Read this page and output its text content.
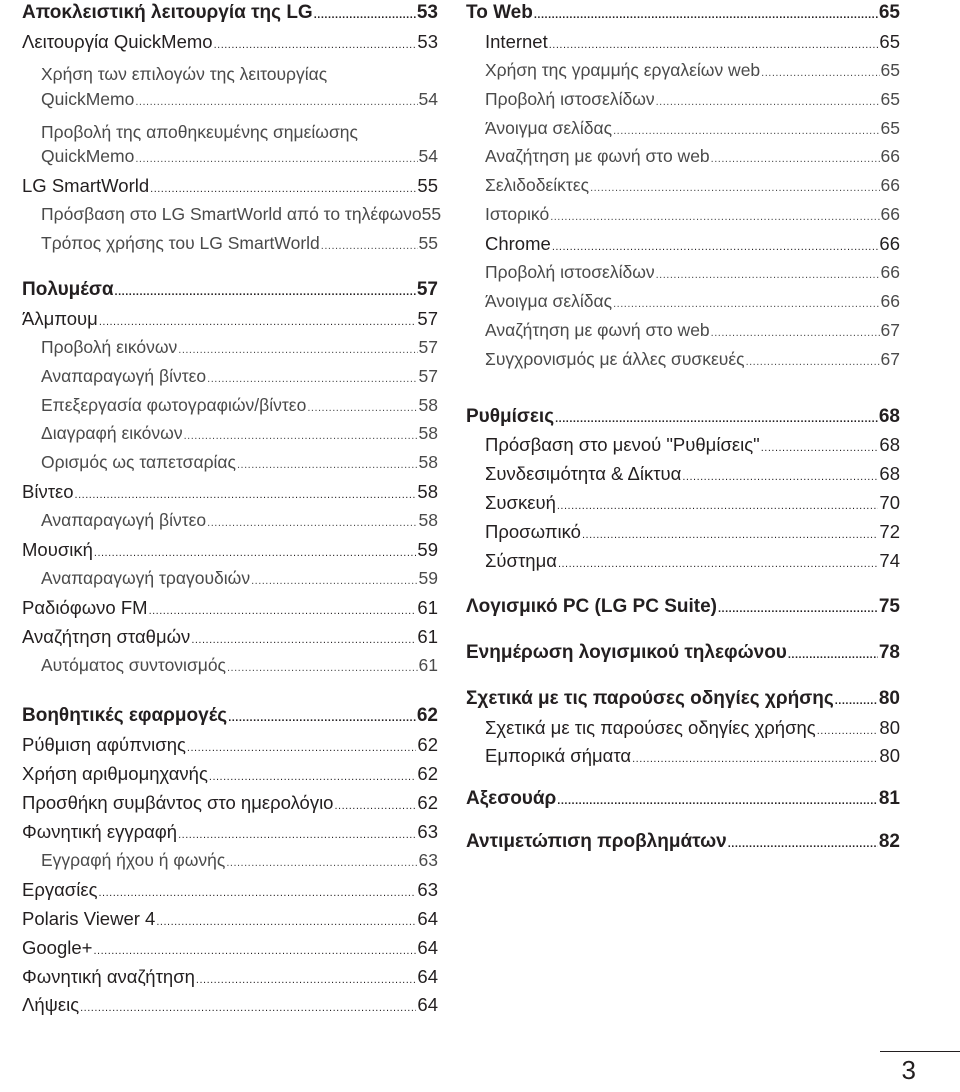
Αποκλειστική λειτουργία της LG .....	53
Λειτουργία QuickMemo .....	53
Χρήση των επιλογών της λειτουργίας
QuickMemo .....	54
Προβολή της αποθηκευμένης σημείωσης
QuickMemo .....	54
LG SmartWorld .....	55
Πρόσβαση στο LG SmartWorld από το τηλέφωνο 55
Τρόπος χρήσης του LG SmartWorld .....	55
Πολυμέσα .....	57
Άλμπουμ .....	57
Προβολή εικόνων .....	57
Αναπαραγωγή βίντεο .....	57
Επεξεργασία φωτογραφιών/βίντεο .....	58
Διαγραφή εικόνων .....	58
Ορισμός ως ταπετσαρίας .....	58
Βίντεο .....	58
Αναπαραγωγή βίντεο .....	58
Μουσική .....	59
Αναπαραγωγή τραγουδιών .....	59
Ραδιόφωνο FM .....	61
Αναζήτηση σταθμών .....	61
Αυτόματος συντονισμός .....	61
Βοηθητικές εφαρμογές .....	62
Ρύθμιση αφύπνισης .....	62
Χρήση αριθμομηχανής .....	62
Προσθήκη συμβάντος στο ημερολόγιο .....	62
Φωνητική εγγραφή .....	63
Εγγραφή ήχου ή φωνής .....	63
Εργασίες .....	63
Polaris Viewer 4 .....	64
Google+ .....	64
Φωνητική αναζήτηση .....	64
Λήψεις .....	64
Το Web .....	65
Internet .....	65
Χρήση της γραμμής εργαλείων web .....	65
Προβολή ιστοσελίδων .....	65
Άνοιγμα σελίδας .....	65
Αναζήτηση με φωνή στο web .....	66
Σελιδοδείκτες .....	66
Ιστορικό .....	66
Chrome .....	66
Προβολή ιστοσελίδων .....	66
Άνοιγμα σελίδας .....	66
Αναζήτηση με φωνή στο web .....	67
Συγχρονισμός με άλλες συσκευές .....	67
Ρυθμίσεις .....	68
Πρόσβαση στο μενού "Ρυθμίσεις" .....	68
Συνδεσιμότητα & Δίκτυα .....	68
Συσκευή .....	70
Προσωπικό .....	72
Σύστημα .....	74
Λογισμικό PC (LG PC Suite) .....	75
Ενημέρωση λογισμικού τηλεφώνου .....	78
Σχετικά με τις παρούσες οδηγίες χρήσης ..... 80
Σχετικά με τις παρούσες οδηγίες χρήσης .....	80
Εμπορικά σήματα .....	80
Αξεσουάρ .....	81
Αντιμετώπιση προβλημάτων .....	82
3
